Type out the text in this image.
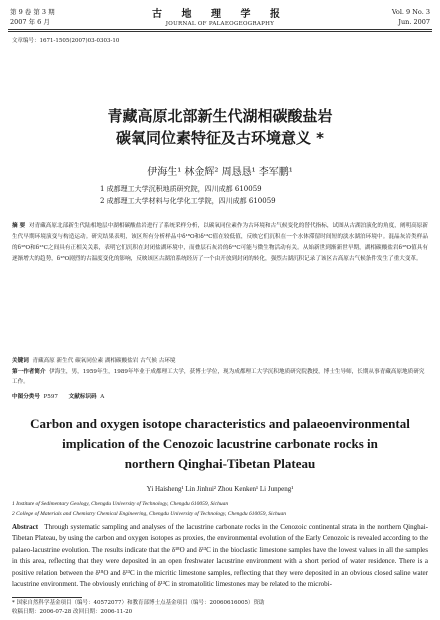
第 9 卷 第 3 期
2007 年 6 月
古 地 理 学 报
JOURNAL OF PALAEOGEOGRAPHY
Vol. 9 No. 3
Jun. 2007
文章编号：1671-1505(2007)03-0303-10
青藏高原北部新生代湖相碳酸盐岩
碳氧同位素特征及古环境意义 *
伊海生¹ 林金辉² 周恳恳¹ 李军鹏¹
1 成都理工大学沉积地质研究院，四川成都 610059
2 成都理工大学材料与化学化工学院，四川成都 610059
摘 要 对青藏高原北部新生代陆相地层中湖相碳酸盐岩进行了系统采样分析，以碳氧同位素作为古环境和古气候变化的替代指标，试图从古湖泊演化的角度，阐明高原新生代早期环境演变与构造运动。研究结果表明，该区所有分析样品中δ¹⁸O和δ¹³C值在较低值，反映它们沉积在一个水体滞留时间短的淡水湖泊环境中。混晶灰岩类样品的δ¹⁸O和δ¹³C之间具有正相关关系，表明它们沉积在封闭盐湖环境中，而叠层石灰岩的δ¹³C可能与微生物活动有关。从始新世到渐新世早期，湖相碳酸盐岩δ¹⁸O值具有逐渐增大的趋势，δ¹⁸O剧烈的古温度变化的影响，反映该区古湖泊系统经历了一个由开放到封闭的转化，强烈古湖沉积记录了该区古高原古气候条件发生了重大变革。
关键词 青藏高原 新生代 碳氧同位素 湖相碳酸盐岩 古气候 古环境
第一作者简介 伊海生，男，1959年生，1989年毕业于成都理工大学，获博士学位，现为成都理工大学沉积地质研究院教授，博士生导师，长期从事青藏高原地质研究工作。
中图分类号 P597 文献标识码 A
Carbon and oxygen isotope characteristics and palaeoenvironmental
implication of the Cenozoic lacustrine carbonate rocks in
northern Qinghai-Tibetan Plateau
Yi Haisheng¹ Lin Jinhui² Zhou Kenken¹ Li Junpeng¹
1 Institute of Sedimentary Geology, Chengdu University of Technology, Chengdu 610059, Sichuan
2 College of Materials and Chemistry Chemical Engineering, Chengdu University of Technology, Chengdu 610059, Sichuan
Abstract Through systematic sampling and analyses of the lacustrine carbonate rocks in the Cenozoic continental strata in the northern Qinghai-Tibetan Plateau, by using the carbon and oxygen isotopes as proxies, the environmental evolution of the Early Cenozoic is revealed according to the palaeo-lacustrine evolution. The results indicate that the δ¹⁸O and δ¹³C in the bioclastic limestone samples have the lowest values in all the samples in this area, reflecting that they were deposited in an open freshwater lacustrine environment with a short period of water residence. There is a positive relation between the δ¹⁸O and δ¹³C in the micritic limestone samples, reflecting that they were deposited in an obvious closed saline water lacustrine environment. The obviously enriching of δ¹³C in stromatolitic limestones may be related to the microbi-
* 国家自然科学基金项目（编号：40572077）和教育部博士点基金项目（编号：20060616005）资助
收稿日期：2006-07-28 改回日期：2006-11-20
